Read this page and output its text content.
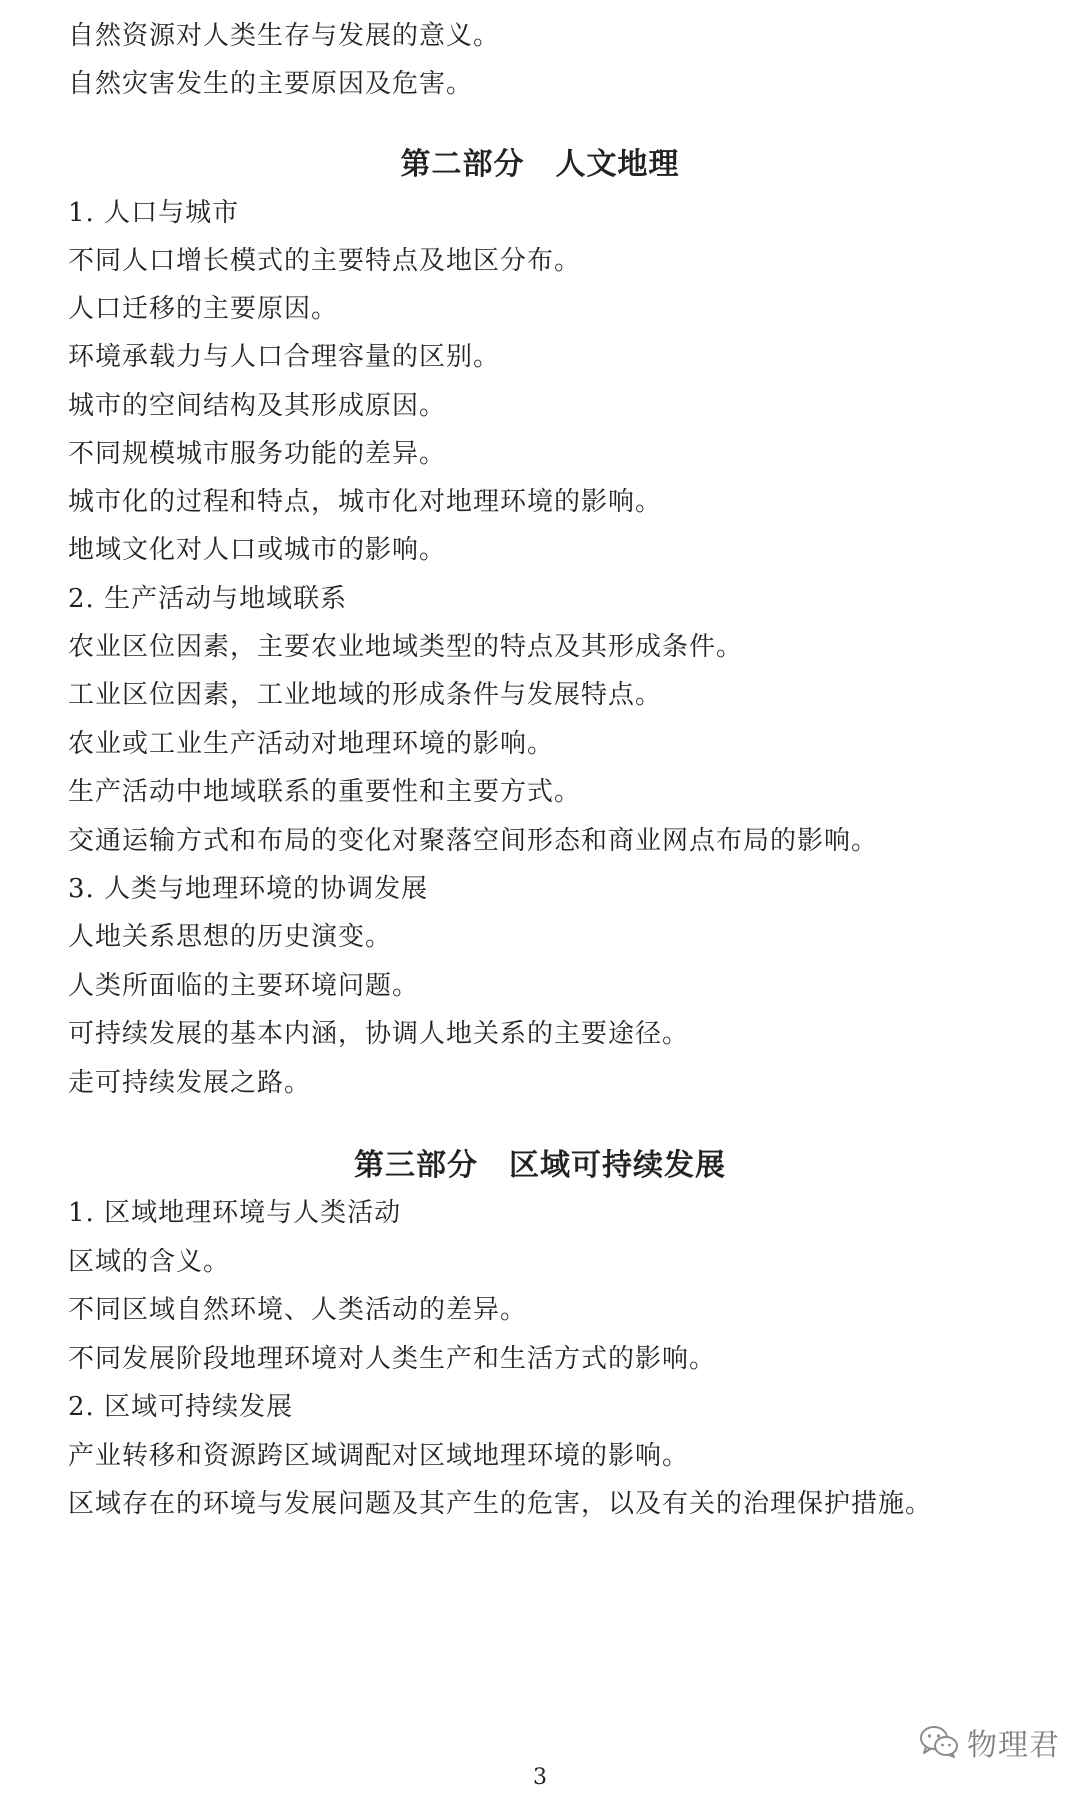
自然资源对人类生存与发展的意义。
自然灾害发生的主要原因及危害。
第二部分　人文地理
1. 人口与城市
不同人口增长模式的主要特点及地区分布。
人口迁移的主要原因。
环境承载力与人口合理容量的区别。
城市的空间结构及其形成原因。
不同规模城市服务功能的差异。
城市化的过程和特点，城市化对地理环境的影响。
地域文化对人口或城市的影响。
2. 生产活动与地域联系
农业区位因素，主要农业地域类型的特点及其形成条件。
工业区位因素，工业地域的形成条件与发展特点。
农业或工业生产活动对地理环境的影响。
生产活动中地域联系的重要性和主要方式。
交通运输方式和布局的变化对聚落空间形态和商业网点布局的影响。
3. 人类与地理环境的协调发展
人地关系思想的历史演变。
人类所面临的主要环境问题。
可持续发展的基本内涵，协调人地关系的主要途径。
走可持续发展之路。
第三部分　区域可持续发展
1. 区域地理环境与人类活动
区域的含义。
不同区域自然环境、人类活动的差异。
不同发展阶段地理环境对人类生产和生活方式的影响。
2. 区域可持续发展
产业转移和资源跨区域调配对区域地理环境的影响。
区域存在的环境与发展问题及其产生的危害，以及有关的治理保护措施。
3
物理君
